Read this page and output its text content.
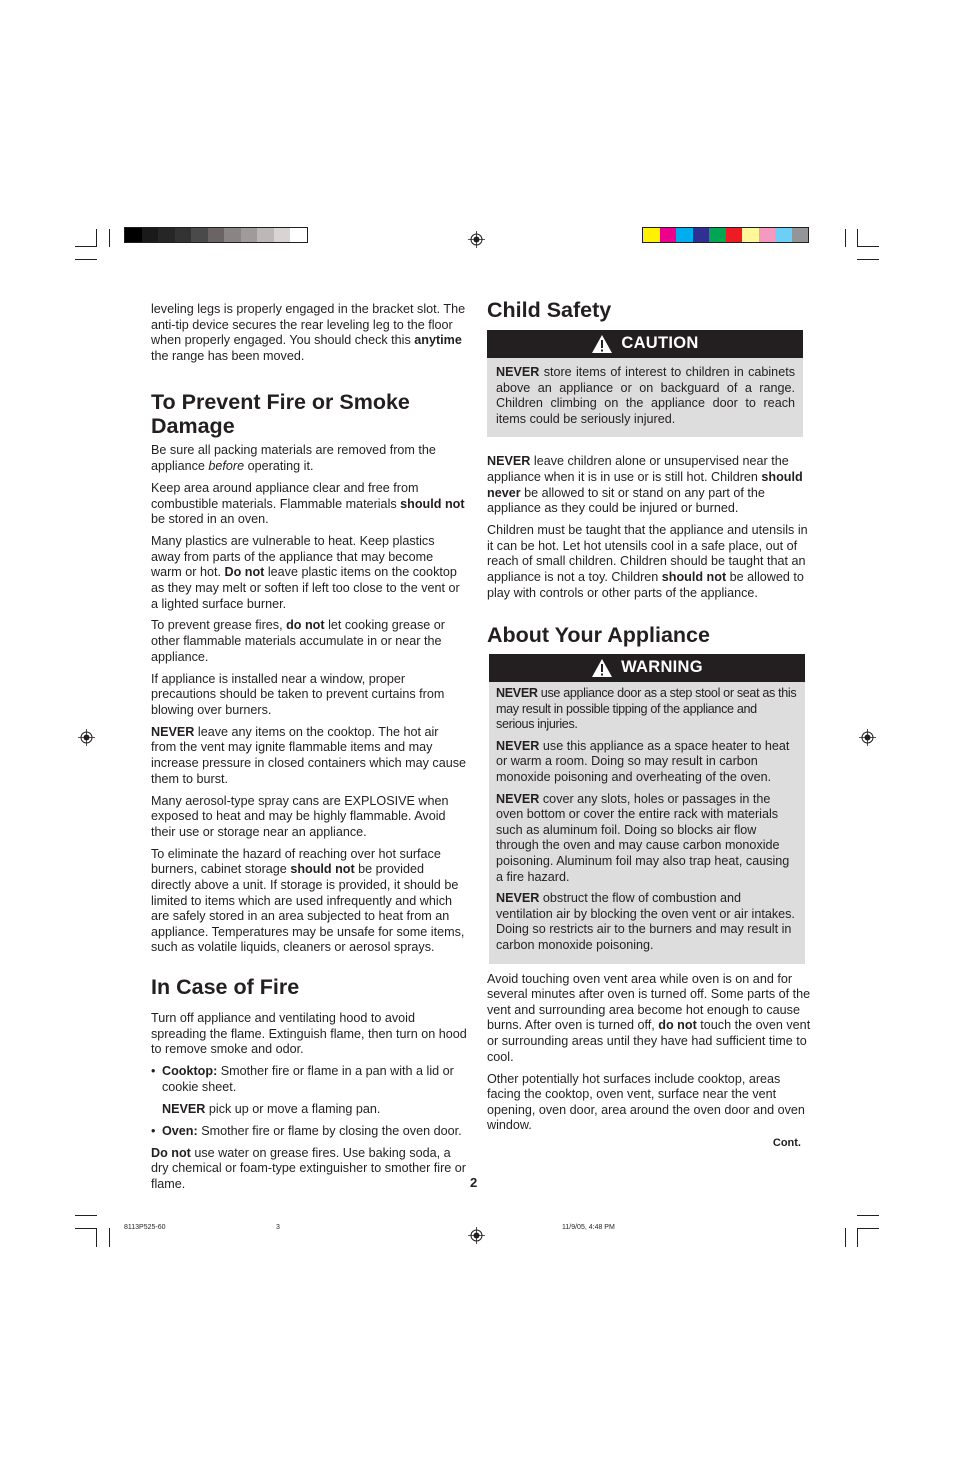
leveling legs is properly engaged in the bracket slot. The anti-tip device secures the rear leveling leg to the floor when properly engaged. You should check this anytime the range has been moved.

To Prevent Fire or Smoke Damage

Be sure all packing materials are removed from the appliance before operating it.

Keep area around appliance clear and free from combustible materials. Flammable materials should not be stored in an oven.

Many plastics are vulnerable to heat. Keep plastics away from parts of the appliance that may become warm or hot. Do not leave plastic items on the cooktop as they may melt or soften if left too close to the vent or a lighted surface burner.

To prevent grease fires, do not let cooking grease or other flammable materials accumulate in or near the appliance.

If appliance is installed near a window, proper precautions should be taken to prevent curtains from blowing over burners.

NEVER leave any items on the cooktop. The hot air from the vent may ignite flammable items and may increase pressure in closed containers which may cause them to burst.

Many aerosol-type spray cans are EXPLOSIVE when exposed to heat and may be highly flammable. Avoid their use or storage near an appliance.

To eliminate the hazard of reaching over hot surface burners, cabinet storage should not be provided directly above a unit. If storage is provided, it should be limited to items which are used infrequently and which are safely stored in an area subjected to heat from an appliance. Temperatures may be unsafe for some items, such as volatile liquids, cleaners or aerosol sprays.

In Case of Fire

Turn off appliance and ventilating hood to avoid spreading the flame. Extinguish flame, then turn on hood to remove smoke and odor.

• Cooktop: Smother fire or flame in a pan with a lid or cookie sheet.

NEVER pick up or move a flaming pan.

• Oven: Smother fire or flame by closing the oven door.

Do not use water on grease fires. Use baking soda, a dry chemical or foam-type extinguisher to smother fire or flame.

Child Safety
CAUTION

NEVER store items of interest to children in cabinets above an appliance or on backguard of a range. Children climbing on the appliance door to reach items could be seriously injured.

NEVER leave children alone or unsupervised near the appliance when it is in use or is still hot. Children should never be allowed to sit or stand on any part of the appliance as they could be injured or burned.

Children must be taught that the appliance and utensils in it can be hot. Let hot utensils cool in a safe place, out of reach of small children. Children should be taught that an appliance is not a toy. Children should not be allowed to play with controls or other parts of the appliance.

About Your Appliance
WARNING

NEVER use appliance door as a step stool or seat as this may result in possible tipping of the appliance and serious injuries.

NEVER use this appliance as a space heater to heat or warm a room. Doing so may result in carbon monoxide poisoning and overheating of the oven.

NEVER cover any slots, holes or passages in the oven bottom or cover the entire rack with materials such as aluminum foil. Doing so blocks air flow through the oven and may cause carbon monoxide poisoning. Aluminum foil may also trap heat, causing a fire hazard.

NEVER obstruct the flow of combustion and ventilation air by blocking the oven vent or air intakes. Doing so restricts air to the burners and may result in carbon monoxide poisoning.

Avoid touching oven vent area while oven is on and for several minutes after oven is turned off. Some parts of the vent and surrounding area become hot enough to cause burns. After oven is turned off, do not touch the oven vent or surrounding areas until they have had sufficient time to cool.

Other potentially hot surfaces include cooktop, areas facing the cooktop, oven vent, surface near the vent opening, oven door, area around the oven door and oven window.

Cont.
2
8113P525-60	3	11/9/05, 4:48 PM
